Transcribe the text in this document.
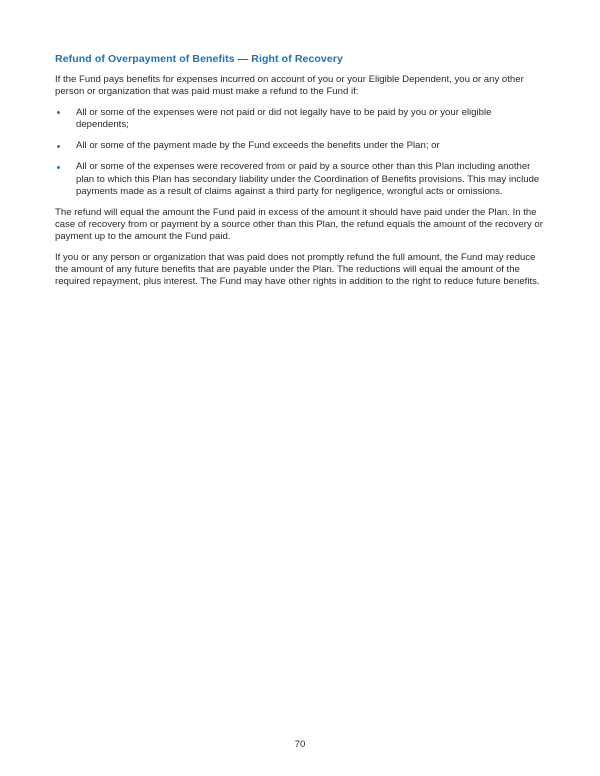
Refund of Overpayment of Benefits — Right of Recovery

If the Fund pays benefits for expenses incurred on account of you or your Eligible Dependent, you or any other person or organization that was paid must make a refund to the Fund if:

All or some of the expenses were not paid or did not legally have to be paid by you or your eligible dependents;
All or some of the payment made by the Fund exceeds the benefits under the Plan; or
All or some of the expenses were recovered from or paid by a source other than this Plan including another plan to which this Plan has secondary liability under the Coordination of Benefits provisions. This may include payments made as a result of claims against a third party for negligence, wrongful acts or omissions.

The refund will equal the amount the Fund paid in excess of the amount it should have paid under the Plan. In the case of recovery from or payment by a source other than this Plan, the refund equals the amount of the recovery or payment up to the amount the Fund paid.

If you or any person or organization that was paid does not promptly refund the full amount, the Fund may reduce the amount of any future benefits that are payable under the Plan. The reductions will equal the amount of the required repayment, plus interest. The Fund may have other rights in addition to the right to reduce future benefits.

70
